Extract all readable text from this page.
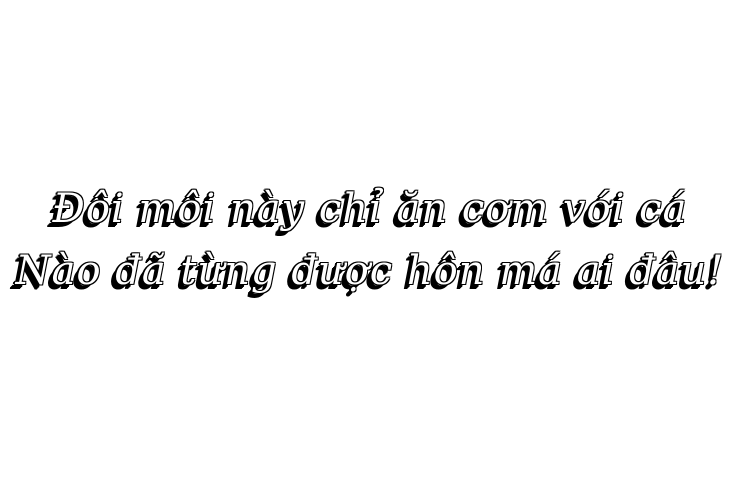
Đôi môi này chỉ ăn cơm với cá
Nào đã từng được hôn má ai đâu!
